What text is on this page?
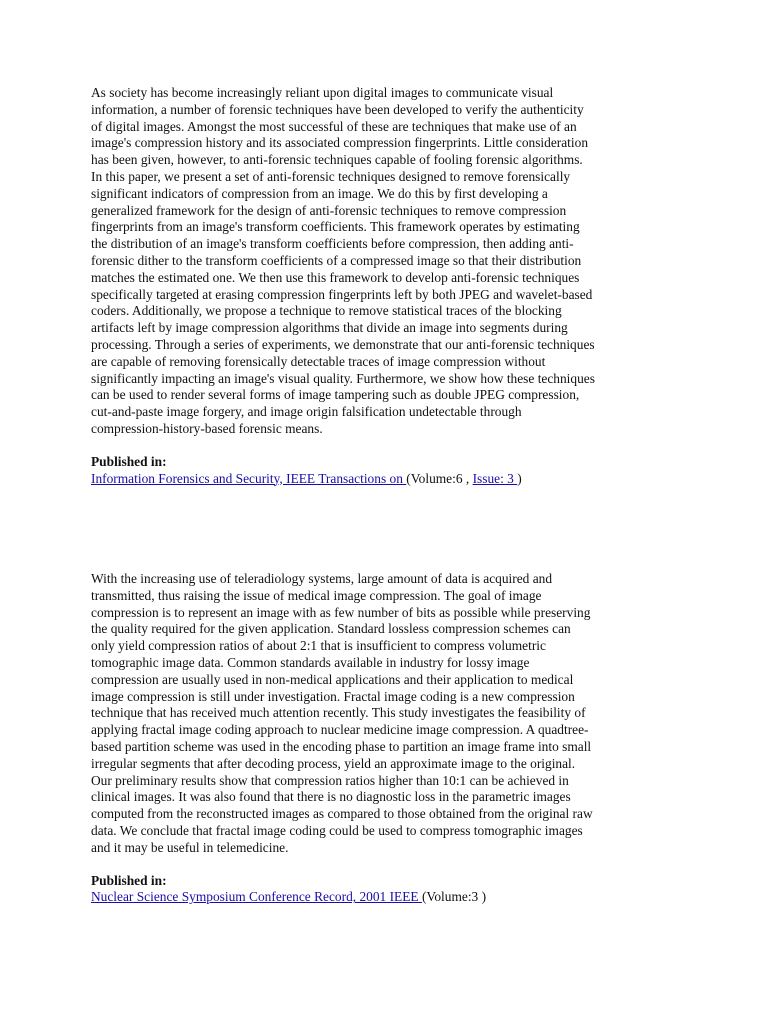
As society has become increasingly reliant upon digital images to communicate visual
information, a number of forensic techniques have been developed to verify the authenticity
of digital images. Amongst the most successful of these are techniques that make use of an
image's compression history and its associated compression fingerprints. Little consideration
has been given, however, to anti-forensic techniques capable of fooling forensic algorithms.
In this paper, we present a set of anti-forensic techniques designed to remove forensically
significant indicators of compression from an image. We do this by first developing a
generalized framework for the design of anti-forensic techniques to remove compression
fingerprints from an image's transform coefficients. This framework operates by estimating
the distribution of an image's transform coefficients before compression, then adding anti-
forensic dither to the transform coefficients of a compressed image so that their distribution
matches the estimated one. We then use this framework to develop anti-forensic techniques
specifically targeted at erasing compression fingerprints left by both JPEG and wavelet-based
coders. Additionally, we propose a technique to remove statistical traces of the blocking
artifacts left by image compression algorithms that divide an image into segments during
processing. Through a series of experiments, we demonstrate that our anti-forensic techniques
are capable of removing forensically detectable traces of image compression without
significantly impacting an image's visual quality. Furthermore, we show how these techniques
can be used to render several forms of image tampering such as double JPEG compression,
cut-and-paste image forgery, and image origin falsification undetectable through
compression-history-based forensic means.

Published in:

Information Forensics and Security, IEEE Transactions on (Volume:6 , Issue: 3 )

With the increasing use of teleradiology systems, large amount of data is acquired and
transmitted, thus raising the issue of medical image compression. The goal of image
compression is to represent an image with as few number of bits as possible while preserving
the quality required for the given application. Standard lossless compression schemes can
only yield compression ratios of about 2:1 that is insufficient to compress volumetric
tomographic image data. Common standards available in industry for lossy image
compression are usually used in non-medical applications and their application to medical
image compression is still under investigation. Fractal image coding is a new compression
technique that has received much attention recently. This study investigates the feasibility of
applying fractal image coding approach to nuclear medicine image compression. A quadtree-
based partition scheme was used in the encoding phase to partition an image frame into small
irregular segments that after decoding process, yield an approximate image to the original.
Our preliminary results show that compression ratios higher than 10:1 can be achieved in
clinical images. It was also found that there is no diagnostic loss in the parametric images
computed from the reconstructed images as compared to those obtained from the original raw
data. We conclude that fractal image coding could be used to compress tomographic images
and it may be useful in telemedicine.

Published in:

Nuclear Science Symposium Conference Record, 2001 IEEE (Volume:3 )
